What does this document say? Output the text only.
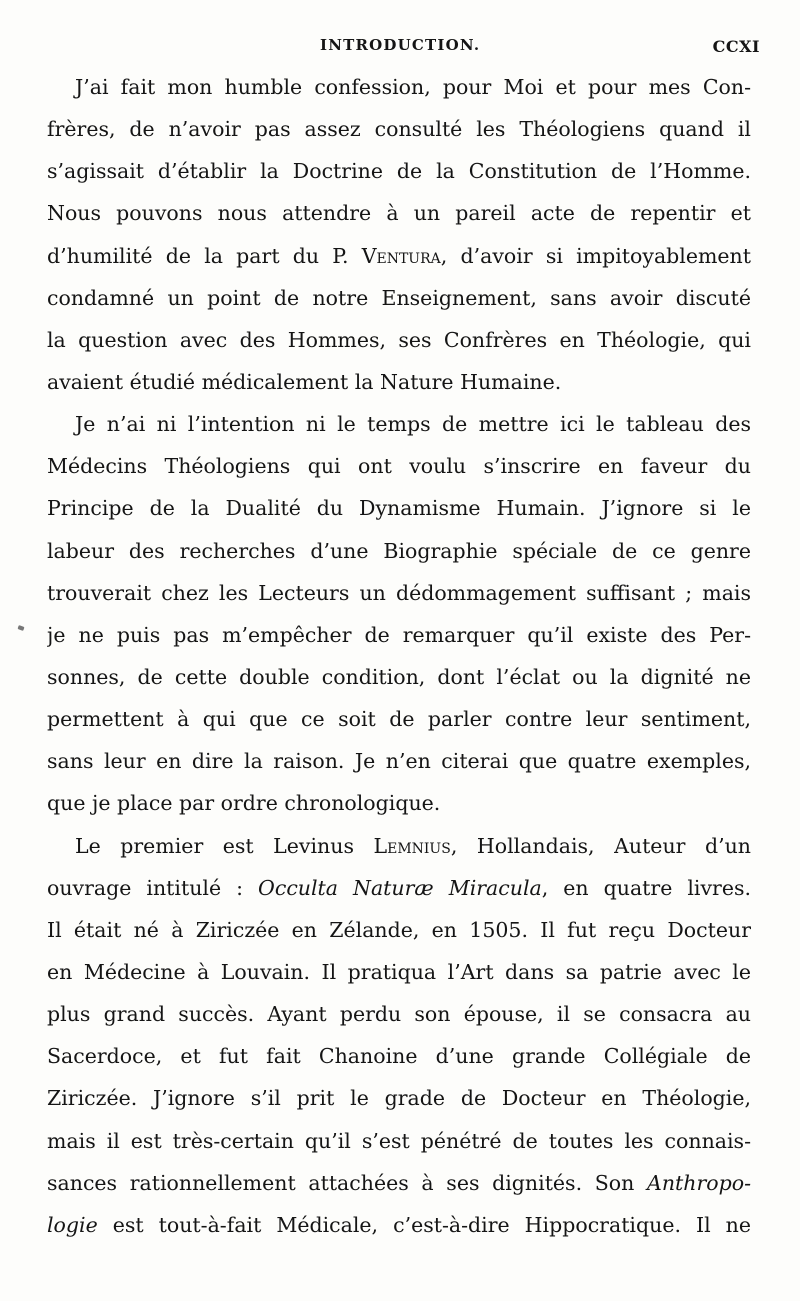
INTRODUCTION.	CCXI
J’ai fait mon humble confession, pour Moi et pour mes Con-
frères, de n’avoir pas assez consulté les Théologiens quand il
s’agissait d’établir la Doctrine de la Constitution de l’Homme.
Nous pouvons nous attendre à un pareil acte de repentir et
d’humilité de la part du P. Ventura, d’avoir si impitoyablement
condamné un point de notre Enseignement, sans avoir discuté
la question avec des Hommes, ses Confrères en Théologie, qui
avaient étudié médicalement la Nature Humaine.
Je n’ai ni l’intention ni le temps de mettre ici le tableau des
Médecins Théologiens qui ont voulu s’inscrire en faveur du
Principe de la Dualité du Dynamisme Humain. J’ignore si le
labeur des recherches d’une Biographie spéciale de ce genre
trouverait chez les Lecteurs un dédommagement suffisant ; mais
je ne puis pas m’empêcher de remarquer qu’il existe des Per-
sonnes, de cette double condition, dont l’éclat ou la dignité ne
permettent à qui que ce soit de parler contre leur sentiment,
sans leur en dire la raison. Je n’en citerai que quatre exemples,
que je place par ordre chronologique.
Le premier est Levinus Lemnius, Hollandais, Auteur d’un
ouvrage intitulé : Occulta Naturæ Miracula, en quatre livres.
Il était né à Ziriczée en Zélande, en 1505. Il fut reçu Docteur
en Médecine à Louvain. Il pratiqua l’Art dans sa patrie avec le
plus grand succès. Ayant perdu son épouse, il se consacra au
Sacerdoce, et fut fait Chanoine d’une grande Collégiale de
Ziriczée. J’ignore s’il prit le grade de Docteur en Théologie,
mais il est très-certain qu’il s’est pénétré de toutes les connais-
sances rationnellement attachées à ses dignités. Son Anthropo-
logie est tout-à-fait Médicale, c’est-à-dire Hippocratique. Il ne
